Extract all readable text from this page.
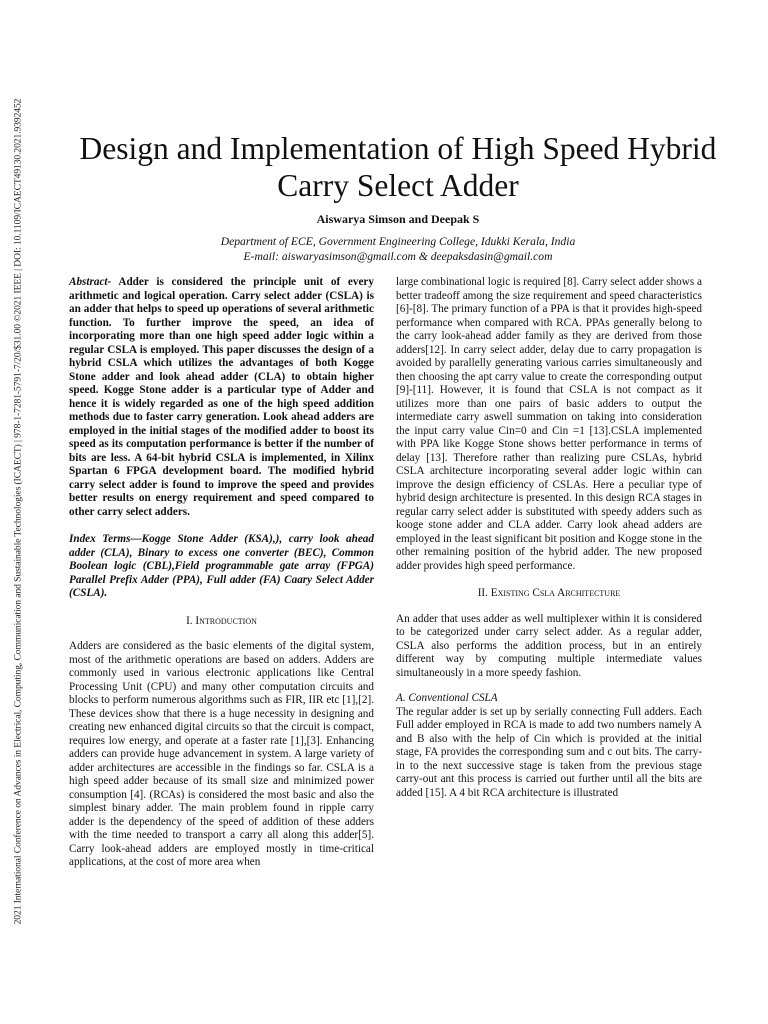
2021 International Conference on Advances in Electrical, Computing, Communication and Sustainable Technologies (ICAECT) | 978-1-7281-5791-7/20/$31.00 ©2021 IEEE | DOI: 10.1109/ICAECT49130.2021.9392452	Design and Implementation of High Speed Hybrid Carry Select Adder
Aiswarya Simson and Deepak S
Department of ECE, Government Engineering College, Idukki Kerala, India
E-mail: aiswaryasimson@gmail.com & deepaksdasin@gmail.com

Abstract- Adder is considered the principle unit of every arithmetic and logical operation. Carry select adder (CSLA) is an adder that helps to speed up operations of several arithmetic function. To further improve the speed, an idea of incorporating more than one high speed adder logic within a regular CSLA is employed. This paper discusses the design of a hybrid CSLA which utilizes the advantages of both Kogge Stone adder and look ahead adder (CLA) to obtain higher speed. Kogge Stone adder is a particular type of Adder and hence it is widely regarded as one of the high speed addition methods due to faster carry generation. Look ahead adders are employed in the initial stages of the modified adder to boost its speed as its computation performance is better if the number of bits are less. A 64-bit hybrid CSLA is implemented, in Xilinx Spartan 6 FPGA development board. The modified hybrid carry select adder is found to improve the speed and provides better results on energy requirement and speed compared to other carry select adders.

Index Terms—Kogge Stone Adder (KSA),), carry look ahead adder (CLA), Binary to excess one converter (BEC), Common Boolean logic (CBL),Field programmable gate array (FPGA) Parallel Prefix Adder (PPA), Full adder (FA) Caary Select Adder (CSLA).

I. Introduction

Adders are considered as the basic elements of the digital system, most of the arithmetic operations are based on adders. Adders are commonly used in various electronic applications like Central Processing Unit (CPU) and many other computation circuits and blocks to perform numerous algorithms such as FIR, IIR etc [1],[2]. These devices show that there is a huge necessity in designing and creating new enhanced digital circuits so that the circuit is compact, requires low energy, and operate at a faster rate [1],[3]. Enhancing adders can provide huge advancement in system. A large variety of adder architectures are accessible in the findings so far. CSLA is a high speed adder because of its small size and minimized power consumption [4]. (RCAs) is considered the most basic and also the simplest binary adder. The main problem found in ripple carry adder is the dependency of the speed of addition of these adders with the time needed to transport a carry all along this adder[5]. Carry look-ahead adders are employed mostly in time-critical applications, at the cost of more area when

large combinational logic is required [8]. Carry select adder shows a better tradeoff among the size requirement and speed characteristics [6]-[8]. The primary function of a PPA is that it provides high-speed performance when compared with RCA. PPAs generally belong to the carry look-ahead adder family as they are derived from those adders[12]. In carry select adder, delay due to carry propagation is avoided by parallelly generating various carries simultaneously and then choosing the apt carry value to create the corresponding output [9]-[11]. However, it is found that CSLA is not compact as it utilizes more than one pairs of basic adders to output the intermediate carry aswell summation on taking into consideration the input carry value Cin=0 and Cin =1 [13].CSLA implemented with PPA like Kogge Stone shows better performance in terms of delay [13]. Therefore rather than realizing pure CSLAs, hybrid CSLA architecture incorporating several adder logic within can improve the design efficiency of CSLAs. Here a peculiar type of hybrid design architecture is presented. In this design RCA stages in regular carry select adder is substituted with speedy adders such as kooge stone adder and CLA adder. Carry look ahead adders are employed in the least significant bit position and Kogge stone in the other remaining position of the hybrid adder. The new proposed adder provides high speed performance.

II. Existing Csla Architecture

An adder that uses adder as well multiplexer within it is considered to be categorized under carry select adder. As a regular adder, CSLA also performs the addition process, but in an entirely different way by computing multiple intermediate values simultaneously in a more speedy fashion.

A. Conventional CSLA

The regular adder is set up by serially connecting Full adders. Each Full adder employed in RCA is made to add two numbers namely A and B also with the help of Cin which is provided at the initial stage, FA provides the corresponding sum and c out bits. The carry- in to the next successive stage is taken from the previous stage carry-out ant this process is carried out further until all the bits are added [15]. A 4 bit RCA architecture is illustrated
